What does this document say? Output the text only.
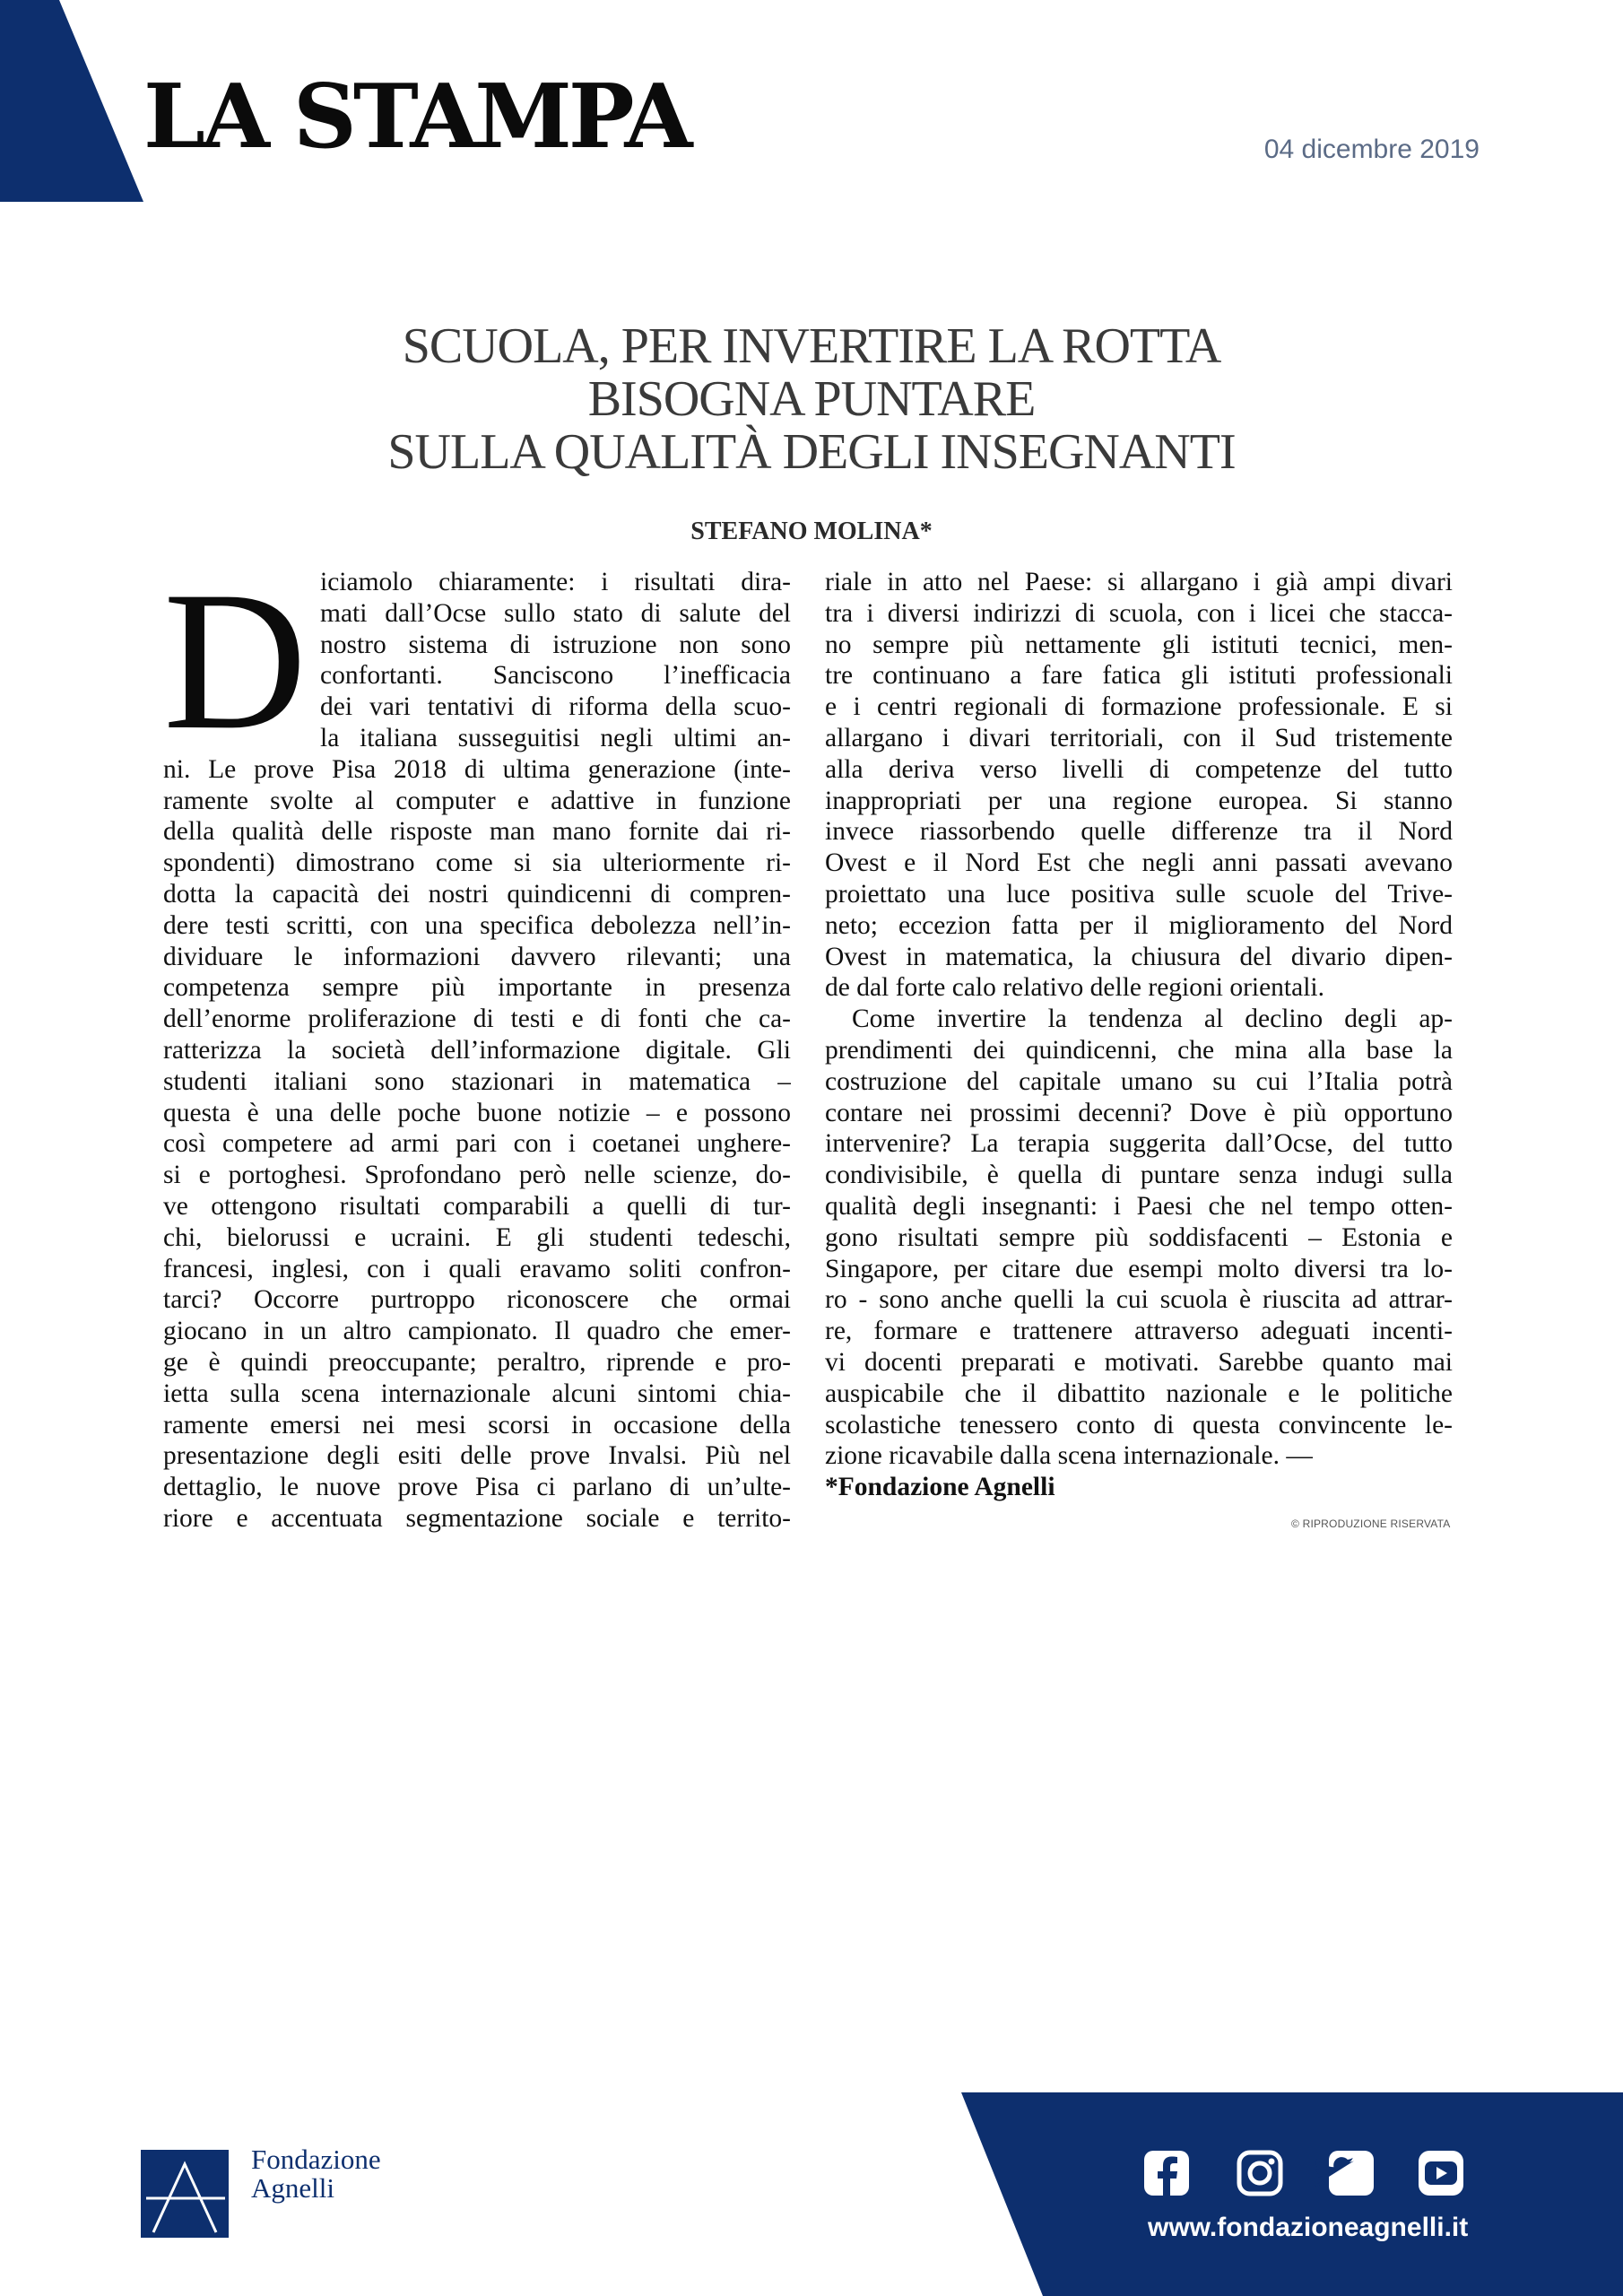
LA STAMPA	04 dicembre 2019
SCUOLA, PER INVERTIRE LA ROTTA
BISOGNA PUNTARE
SULLA QUALITÀ DEGLI INSEGNANTI
STEFANO MOLINA*
D iciamolo chiaramente: i risultati dira-
mati dall’Ocse sullo stato di salute del
nostro sistema di istruzione non sono
confortanti. Sanciscono l’inefficacia
dei vari tentativi di riforma della scuo-
la italiana susseguitisi negli ultimi an-
ni. Le prove Pisa 2018 di ultima generazione (inte-
ramente svolte al computer e adattive in funzione
della qualità delle risposte man mano fornite dai ri-
spondenti) dimostrano come si sia ulteriormente ri-
dotta la capacità dei nostri quindicenni di compren-
dere testi scritti, con una specifica debolezza nell’in-
dividuare le informazioni davvero rilevanti; una
competenza sempre più importante in presenza
dell’enorme proliferazione di testi e di fonti che ca-
ratterizza la società dell’informazione digitale. Gli
studenti italiani sono stazionari in matematica –
questa è una delle poche buone notizie – e possono
così competere ad armi pari con i coetanei unghere-
si e portoghesi. Sprofondano però nelle scienze, do-
ve ottengono risultati comparabili a quelli di tur-
chi, bielorussi e ucraini. E gli studenti tedeschi,
francesi, inglesi, con i quali eravamo soliti confron-
tarci? Occorre purtroppo riconoscere che ormai
giocano in un altro campionato. Il quadro che emer-
ge è quindi preoccupante; peraltro, riprende e pro-
ietta sulla scena internazionale alcuni sintomi chia-
ramente emersi nei mesi scorsi in occasione della
presentazione degli esiti delle prove Invalsi. Più nel
dettaglio, le nuove prove Pisa ci parlano di un’ulte-
riore e accentuata segmentazione sociale e territo-
riale in atto nel Paese: si allargano i già ampi divari
tra i diversi indirizzi di scuola, con i licei che stacca-
no sempre più nettamente gli istituti tecnici, men-
tre continuano a fare fatica gli istituti professionali
e i centri regionali di formazione professionale. E si
allargano i divari territoriali, con il Sud tristemente
alla deriva verso livelli di competenze del tutto
inappropriati per una regione europea. Si stanno
invece riassorbendo quelle differenze tra il Nord
Ovest e il Nord Est che negli anni passati avevano
proiettato una luce positiva sulle scuole del Trive-
neto; eccezion fatta per il miglioramento del Nord
Ovest in matematica, la chiusura del divario dipen-
de dal forte calo relativo delle regioni orientali.
Come invertire la tendenza al declino degli ap-
prendimenti dei quindicenni, che mina alla base la
costruzione del capitale umano su cui l’Italia potrà
contare nei prossimi decenni? Dove è più opportuno
intervenire? La terapia suggerita dall’Ocse, del tutto
condivisibile, è quella di puntare senza indugi sulla
qualità degli insegnanti: i Paesi che nel tempo otten-
gono risultati sempre più soddisfacenti – Estonia e
Singapore, per citare due esempi molto diversi tra lo-
ro - sono anche quelli la cui scuola è riuscita ad attrar-
re, formare e trattenere attraverso adeguati incenti-
vi docenti preparati e motivati. Sarebbe quanto mai
auspicabile che il dibattito nazionale e le politiche
scolastiche tenessero conto di questa convincente le-
zione ricavabile dalla scena internazionale. —
*Fondazione Agnelli
© RIPRODUZIONE RISERVATA
Fondazione
Agnelli
www.fondazioneagnelli.it
